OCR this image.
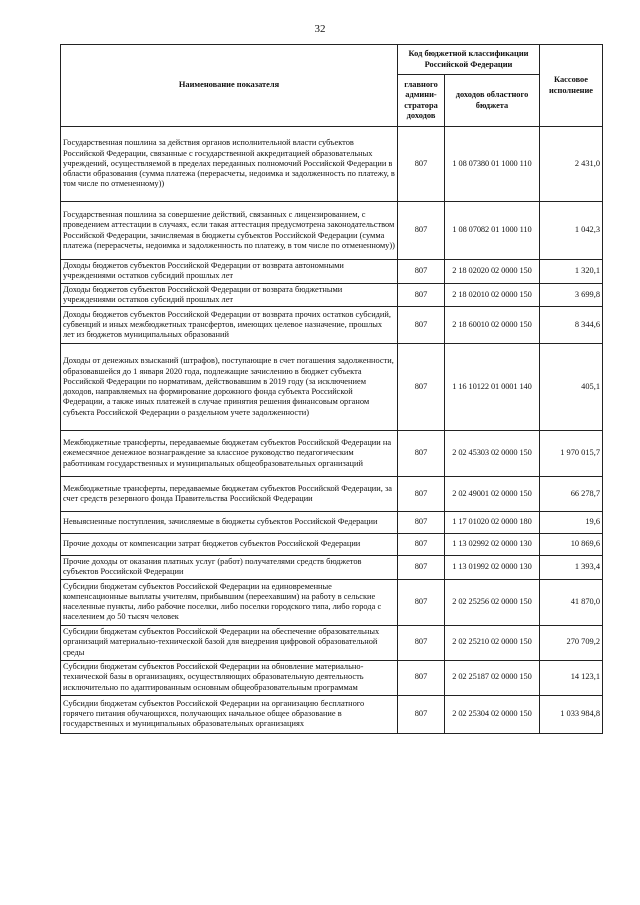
32
Наименование показателя	Код бюджетной классификации Российской Федерации		Кассовое исполнение
	главного админи-стратора доходов	доходов областного бюджета	
Государственная пошлина за действия органов исполнительной власти субъектов Российской Федерации, связанные с государственной аккредитацией образовательных учреждений, осуществляемой в пределах переданных полномочий Российской Федерации в области образования (сумма платежа (перерасчеты, недоимка и задолженность по платежу, в том числе по отмененному))	807	1 08 07380 01 1000 110	2 431,0
Государственная пошлина за совершение действий, связанных с лицензированием, с проведением аттестации в случаях, если такая аттестация предусмотрена законодательством Российской Федерации, зачисляемая в бюджеты субъектов Российской Федерации (сумма платежа (перерасчеты, недоимка и задолженность по платежу, в том числе по отмененному))	807	1 08 07082 01 1000 110	1 042,3
Доходы бюджетов субъектов Российской Федерации от возврата автономными учреждениями остатков субсидий прошлых лет	807	2 18 02020 02 0000 150	1 320,1
Доходы бюджетов субъектов Российской Федерации от возврата бюджетными учреждениями остатков субсидий прошлых лет	807	2 18 02010 02 0000 150	3 699,8
Доходы бюджетов субъектов Российской Федерации от возврата прочих остатков субсидий, субвенций и иных межбюджетных трансфертов, имеющих целевое назначение, прошлых лет из бюджетов муниципальных образований	807	2 18 60010 02 0000 150	8 344,6
Доходы от денежных взысканий (штрафов), поступающие в счет погашения задолженности, образовавшейся до 1 января 2020 года, подлежащие зачислению в бюджет субъекта Российской Федерации по нормативам, действовавшим в 2019 году (за исключением доходов, направляемых на формирование дорожного фонда субъекта Российской Федерации, а также иных платежей в случае принятия решения финансовым органом субъекта Российской Федерации о раздельном учете задолженности)	807	1 16 10122 01 0001 140	405,1
Межбюджетные трансферты, передаваемые бюджетам субъектов Российской Федерации на ежемесячное денежное вознаграждение за классное руководство педагогическим работникам государственных и муниципальных общеобразовательных организаций	807	2 02 45303 02 0000 150	1 970 015,7
Межбюджетные трансферты, передаваемые бюджетам субъектов Российской Федерации, за счет средств резервного фонда Правительства Российской Федерации	807	2 02 49001 02 0000 150	66 278,7
Невыясненные поступления, зачисляемые в бюджеты субъектов Российской Федерации	807	1 17 01020 02 0000 180	19,6
Прочие доходы от компенсации затрат бюджетов субъектов Российской Федерации	807	1 13 02992 02 0000 130	10 869,6
Прочие доходы от оказания платных услуг (работ) получателями средств бюджетов субъектов Российской Федерации	807	1 13 01992 02 0000 130	1 393,4
Субсидии бюджетам субъектов Российской Федерации на единовременные компенсационные выплаты учителям, прибывшим (переехавшим) на работу в сельские населенные пункты, либо рабочие поселки, либо поселки городского типа, либо города с населением до 50 тысяч человек	807	2 02 25256 02 0000 150	41 870,0
Субсидии бюджетам субъектов Российской Федерации на обеспечение образовательных организаций материально-технической базой для внедрения цифровой образовательной среды	807	2 02 25210 02 0000 150	270 709,2
Субсидии бюджетам субъектов Российской Федерации на обновление материально-технической базы в организациях, осуществляющих образовательную деятельность исключительно по адаптированным основным общеобразовательным программам	807	2 02 25187 02 0000 150	14 123,1
Субсидии бюджетам субъектов Российской Федерации на организацию бесплатного горячего питания обучающихся, получающих начальное общее образование в государственных и муниципальных образовательных организациях	807	2 02 25304 02 0000 150	1 033 984,8
